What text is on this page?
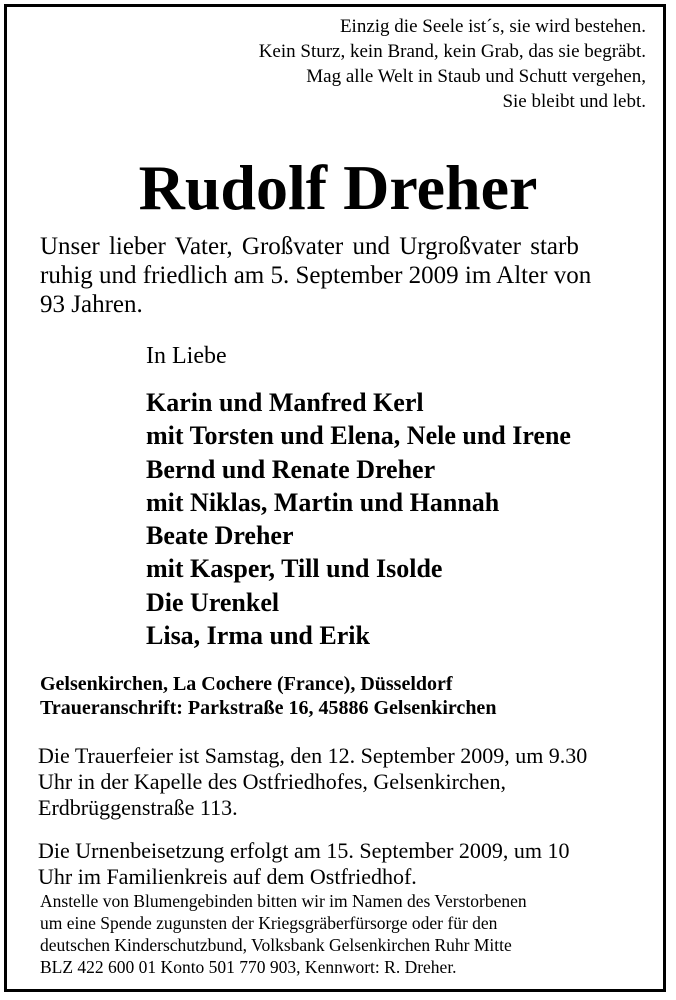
Einzig die Seele ist´s, sie wird bestehen.
Kein Sturz, kein Brand, kein Grab, das sie begräbt.
Mag alle Welt in Staub und Schutt vergehen,
Sie bleibt und lebt.
Rudolf Dreher
Unser lieber Vater, Großvater und Urgroßvater starb
ruhig und friedlich am 5. September 2009 im Alter von
93 Jahren.
In Liebe
Karin und Manfred Kerl
mit Torsten und Elena, Nele und Irene
Bernd und Renate Dreher
mit Niklas, Martin und Hannah
Beate Dreher
mit Kasper, Till und Isolde
Die Urenkel
Lisa, Irma und Erik
Gelsenkirchen, La Cochere (France), Düsseldorf
Traueranschrift: Parkstraße 16, 45886 Gelsenkirchen
Die Trauerfeier ist Samstag, den 12. September 2009, um 9.30
Uhr in der Kapelle des Ostfriedhofes, Gelsenkirchen,
Erdbrüggenstraße 113.
Die Urnenbeisetzung erfolgt am 15. September 2009, um 10
Uhr im Familienkreis auf dem Ostfriedhof.
Anstelle von Blumengebinden bitten wir im Namen des Verstorbenen
um eine Spende zugunsten der Kriegsgräberfürsorge oder für den
deutschen Kinderschutzbund, Volksbank Gelsenkirchen Ruhr Mitte
BLZ 422 600 01 Konto 501 770 903, Kennwort: R. Dreher.
